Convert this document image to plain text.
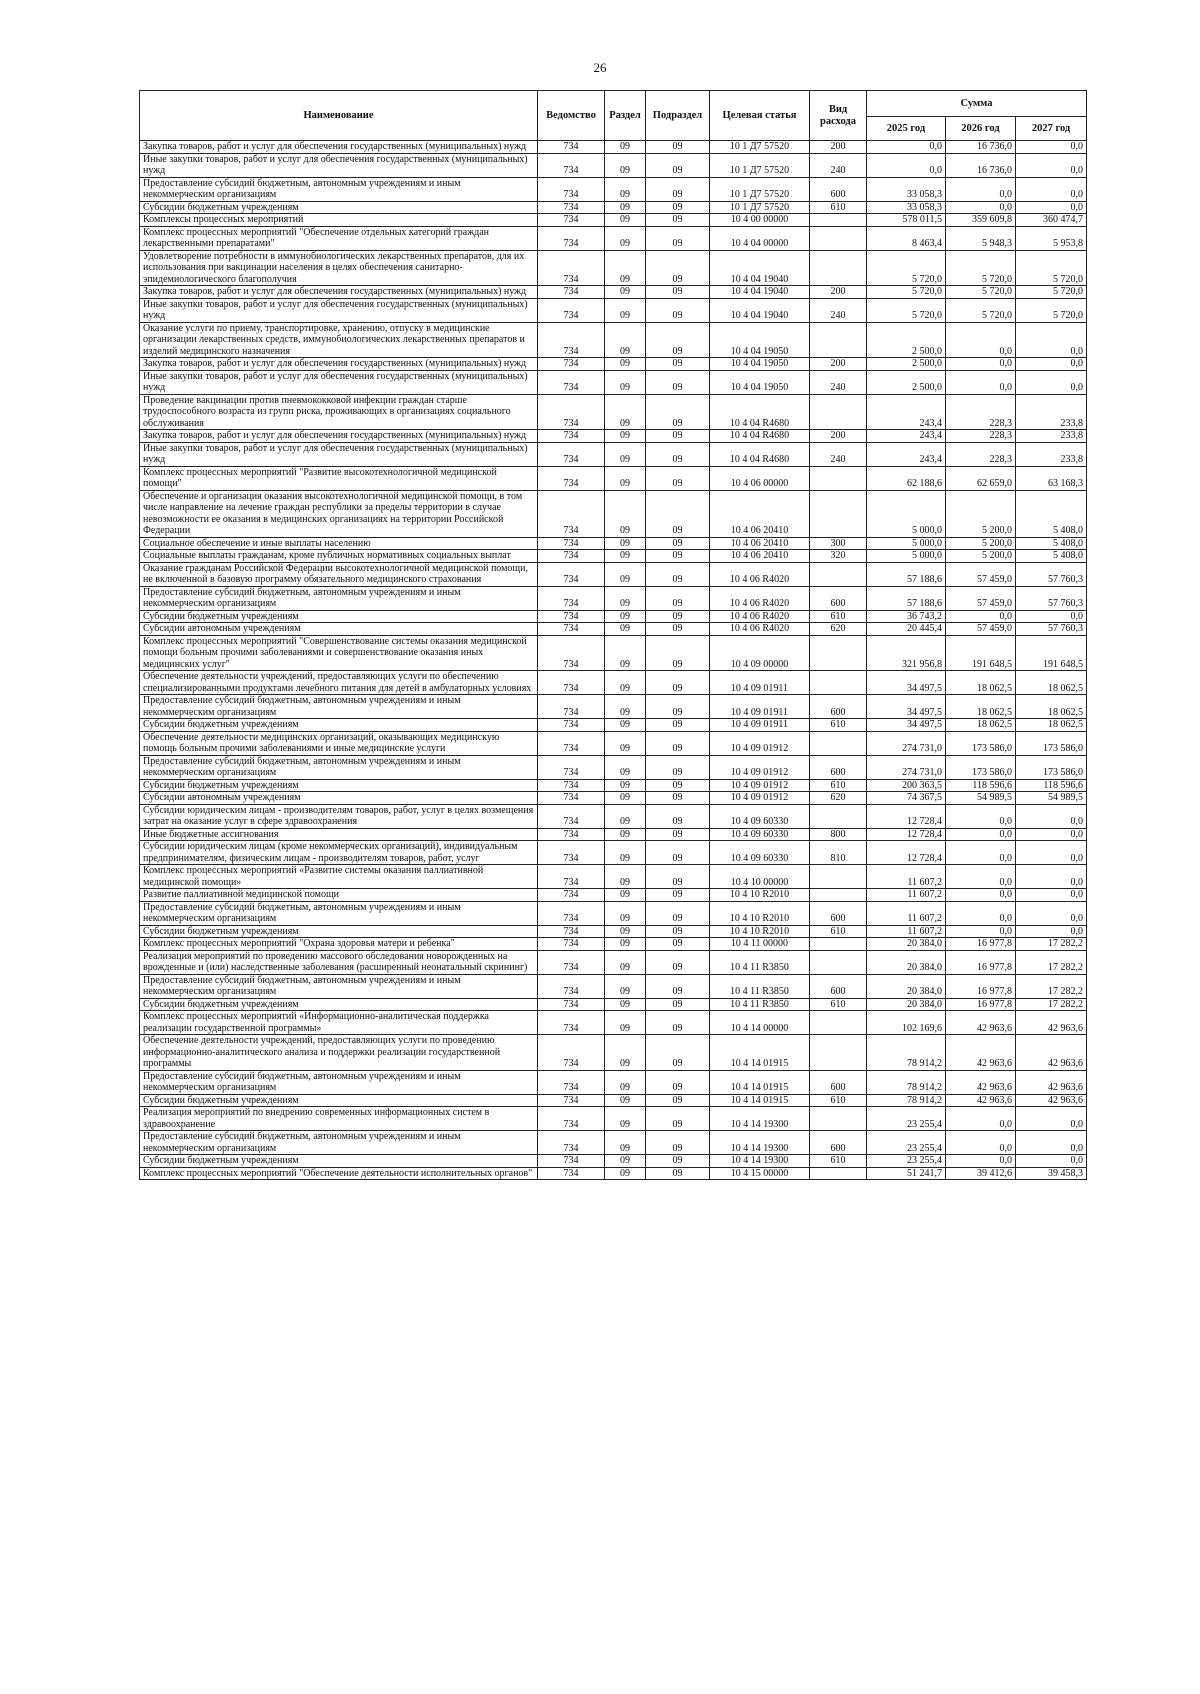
26
Наименование	Ведомство	Раздел	Подраздел	Целевая статья	Вид расхода	Сумма		
						2025 год	2026 год	2027 год
Закупка товаров, работ и услуг для обеспечения государственных (муниципальных) нужд	734	09	09	10 1 Д7 57520	200	0,0	16 736,0	0,0
Иные закупки товаров, работ и услуг для обеспечения государственных (муниципальных) нужд	734	09	09	10 1 Д7 57520	240	0,0	16 736,0	0,0
Предоставление субсидий бюджетным, автономным учреждениям и иным некоммерческим организациям	734	09	09	10 1 Д7 57520	600	33 058,3	0,0	0,0
Субсидии бюджетным учреждениям	734	09	09	10 1 Д7 57520	610	33 058,3	0,0	0,0
Комплексы процессных мероприятий	734	09	09	10 4 00 00000		578 011,5	359 609,8	360 474,7
Комплекс процессных мероприятий "Обеспечение отдельных категорий граждан лекарственными препаратами"	734	09	09	10 4 04 00000		8 463,4	5 948,3	5 953,8
Удовлетворение потребности в иммунобиологических лекарственных препаратов, для их использования при вакцинации населения в целях обеспечения санитарно-эпидемиологического благополучия	734	09	09	10 4 04 19040		5 720,0	5 720,0	5 720,0
Закупка товаров, работ и услуг для обеспечения государственных (муниципальных) нужд	734	09	09	10 4 04 19040	200	5 720,0	5 720,0	5 720,0
Иные закупки товаров, работ и услуг для обеспечения государственных (муниципальных) нужд	734	09	09	10 4 04 19040	240	5 720,0	5 720,0	5 720,0
Оказание услуги по приему, транспортировке, хранению, отпуску в медицинские организации лекарственных средств, иммунобиологических лекарственных препаратов и изделий медицинского назначения	734	09	09	10 4 04 19050		2 500,0	0,0	0,0
Закупка товаров, работ и услуг для обеспечения государственных (муниципальных) нужд	734	09	09	10 4 04 19050	200	2 500,0	0,0	0,0
Иные закупки товаров, работ и услуг для обеспечения государственных (муниципальных) нужд	734	09	09	10 4 04 19050	240	2 500,0	0,0	0,0
Проведение вакцинации против пневмококковой инфекции граждан старше трудоспособного возраста из групп риска, проживающих в организациях социального обслуживания	734	09	09	10 4 04 R4680		243,4	228,3	233,8
Закупка товаров, работ и услуг для обеспечения государственных (муниципальных) нужд	734	09	09	10 4 04 R4680	200	243,4	228,3	233,8
Иные закупки товаров, работ и услуг для обеспечения государственных (муниципальных) нужд	734	09	09	10 4 04 R4680	240	243,4	228,3	233,8
Комплекс процессных мероприятий "Развитие высокотехнологичной медицинской помощи"	734	09	09	10 4 06 00000		62 188,6	62 659,0	63 168,3
Обеспечение и организация оказания высокотехнологичной медицинской помощи, в том числе направление на лечение граждан республики за пределы территории в случае невозможности ее оказания в медицинских организациях на территории Российской Федерации	734	09	09	10 4 06 20410		5 000,0	5 200,0	5 408,0
Социальное обеспечение и иные выплаты населению	734	09	09	10 4 06 20410	300	5 000,0	5 200,0	5 408,0
Социальные выплаты гражданам, кроме публичных нормативных социальных выплат	734	09	09	10 4 06 20410	320	5 000,0	5 200,0	5 408,0
Оказание гражданам Российской Федерации высокотехнологичной медицинской помощи, не включенной в базовую программу обязательного медицинского страхования	734	09	09	10 4 06 R4020		57 188,6	57 459,0	57 760,3
Предоставление субсидий бюджетным, автономным учреждениям и иным некоммерческим организациям	734	09	09	10 4 06 R4020	600	57 188,6	57 459,0	57 760,3
Субсидии бюджетным учреждениям	734	09	09	10 4 06 R4020	610	36 743,2	0,0	0,0
Субсидии автономным учреждениям	734	09	09	10 4 06 R4020	620	20 445,4	57 459,0	57 760,3
Комплекс процессных мероприятий "Совершенствование системы оказания медицинской помощи больным прочими заболеваниями и совершенствование оказания иных медицинских услуг"	734	09	09	10 4 09 00000		321 956,8	191 648,5	191 648,5
Обеспечение деятельности учреждений, предоставляющих услуги по обеспечению специализированными продуктами лечебного питания для детей в амбулаторных условиях	734	09	09	10 4 09 01911		34 497,5	18 062,5	18 062,5
Предоставление субсидий бюджетным, автономным учреждениям и иным некоммерческим организациям	734	09	09	10 4 09 01911	600	34 497,5	18 062,5	18 062,5
Субсидии бюджетным учреждениям	734	09	09	10 4 09 01911	610	34 497,5	18 062,5	18 062,5
Обеспечение деятельности медицинских организаций, оказывающих медицинскую помощь больным прочими заболеваниями и иные медицинские услуги	734	09	09	10 4 09 01912		274 731,0	173 586,0	173 586,0
Предоставление субсидий бюджетным, автономным учреждениям и иным некоммерческим организациям	734	09	09	10 4 09 01912	600	274 731,0	173 586,0	173 586,0
Субсидии бюджетным учреждениям	734	09	09	10 4 09 01912	610	200 363,5	118 596,6	118 596,6
Субсидии автономным учреждениям	734	09	09	10 4 09 01912	620	74 367,5	54 989,5	54 989,5
Субсидии юридическим лицам - производителям товаров, работ, услуг в целях возмещения затрат на оказание услуг в сфере здравоохранения	734	09	09	10 4 09 60330		12 728,4	0,0	0,0
Иные бюджетные ассигнования	734	09	09	10 4 09 60330	800	12 728,4	0,0	0,0
Субсидии юридическим лицам (кроме некоммерческих организаций), индивидуальным предпринимателям, физическим лицам - производителям товаров, работ, услуг	734	09	09	10 4 09 60330	810	12 728,4	0,0	0,0
Комплекс процессных мероприятий «Развитие системы оказания паллиативной медицинской помощи»	734	09	09	10 4 10 00000		11 607,2	0,0	0,0
Развитие паллиативной медицинской помощи	734	09	09	10 4 10 R2010		11 607,2	0,0	0,0
Предоставление субсидий бюджетным, автономным учреждениям и иным некоммерческим организациям	734	09	09	10 4 10 R2010	600	11 607,2	0,0	0,0
Субсидии бюджетным учреждениям	734	09	09	10 4 10 R2010	610	11 607,2	0,0	0,0
Комплекс процессных мероприятий "Охрана здоровья матери и ребенка"	734	09	09	10 4 11 00000		20 384,0	16 977,8	17 282,2
Реализация мероприятий по проведению массового обследования новорожденных на врожденные и (или) наследственные заболевания (расширенный неонатальный скрининг)	734	09	09	10 4 11 R3850		20 384,0	16 977,8	17 282,2
Предоставление субсидий бюджетным, автономным учреждениям и иным некоммерческим организациям	734	09	09	10 4 11 R3850	600	20 384,0	16 977,8	17 282,2
Субсидии бюджетным учреждениям	734	09	09	10 4 11 R3850	610	20 384,0	16 977,8	17 282,2
Комплекс процессных мероприятий «Информационно-аналитическая поддержка реализации государственной программы»	734	09	09	10 4 14 00000		102 169,6	42 963,6	42 963,6
Обеспечение деятельности учреждений, предоставляющих услуги по проведению информационно-аналитического анализа и поддержки реализации государственной программы	734	09	09	10 4 14 01915		78 914,2	42 963,6	42 963,6
Предоставление субсидий бюджетным, автономным учреждениям и иным некоммерческим организациям	734	09	09	10 4 14 01915	600	78 914,2	42 963,6	42 963,6
Субсидии бюджетным учреждениям	734	09	09	10 4 14 01915	610	78 914,2	42 963,6	42 963,6
Реализация мероприятий по внедрению современных информационных систем в здравоохранение	734	09	09	10 4 14 19300		23 255,4	0,0	0,0
Предоставление субсидий бюджетным, автономным учреждениям и иным некоммерческим организациям	734	09	09	10 4 14 19300	600	23 255,4	0,0	0,0
Субсидии бюджетным учреждениям	734	09	09	10 4 14 19300	610	23 255,4	0,0	0,0
Комплекс процессных мероприятий "Обеспечение деятельности исполнительных органов"	734	09	09	10 4 15 00000		51 241,7	39 412,6	39 458,3
